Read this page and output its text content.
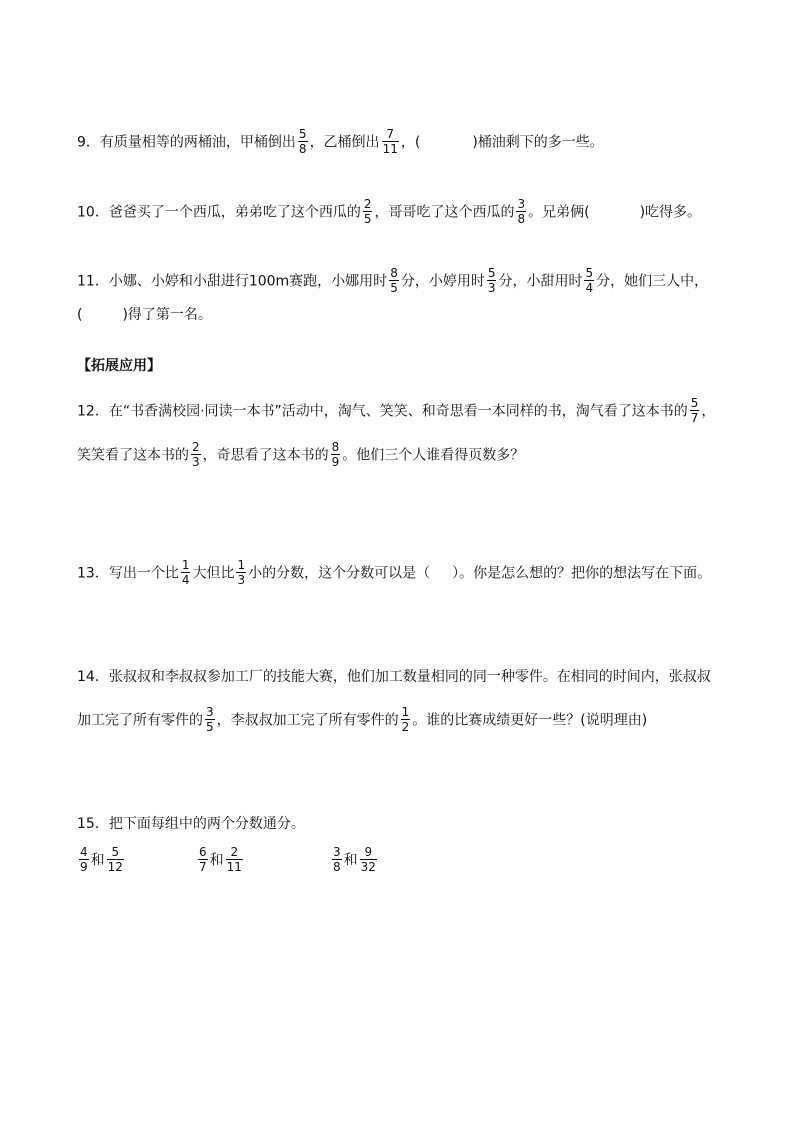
9．有质量相等的两桶油，甲桶倒出 $\frac{5}{8}$ ，乙桶倒出 $\frac{7}{11}$ ，(	)桶油剩下的多一些。
10．爸爸买了一个西瓜，弟弟吃了这个西瓜的 $\frac{2}{5}$ ，哥哥吃了这个西瓜的 $\frac{3}{8}$ 。兄弟俩(	)吃得多。
11．小娜、小婷和小甜进行100m赛跑，小娜用时 $\frac{8}{5}$ 分，小婷用时 $\frac{5}{3}$ 分，小甜用时 $\frac{5}{4}$ 分，她们三人中，
(	)得了第一名。
【拓展应用】
12．在“书香满校园·同读一本书”活动中，淘气、笑笑、和奇思看一本同样的书，淘气看了这本书的 $\frac{5}{7}$ ，
笑笑看了这本书的 $\frac{2}{3}$ ，奇思看了这本书的 $\frac{8}{9}$ 。他们三个人谁看得页数多？
13．写出一个比 $\frac{1}{4}$ 大但比 $\frac{1}{3}$ 小的分数，这个分数可以是（ ）。你是怎么想的？把你的想法写在下面。
14．张叔叔和李叔叔参加工厂的技能大赛，他们加工数量相同的同一种零件。在相同的时间内，张叔叔
加工完了所有零件的 $\frac{3}{5}$ ，李叔叔加工完了所有零件的 $\frac{1}{2}$ 。谁的比赛成绩更好一些？(说明理由)
15．把下面每组中的两个分数通分。
$\frac{4}{9}$ 和 $\frac{5}{12}$	$\frac{6}{7}$ 和 $\frac{2}{11}$	$\frac{3}{8}$ 和 $\frac{9}{32}$
